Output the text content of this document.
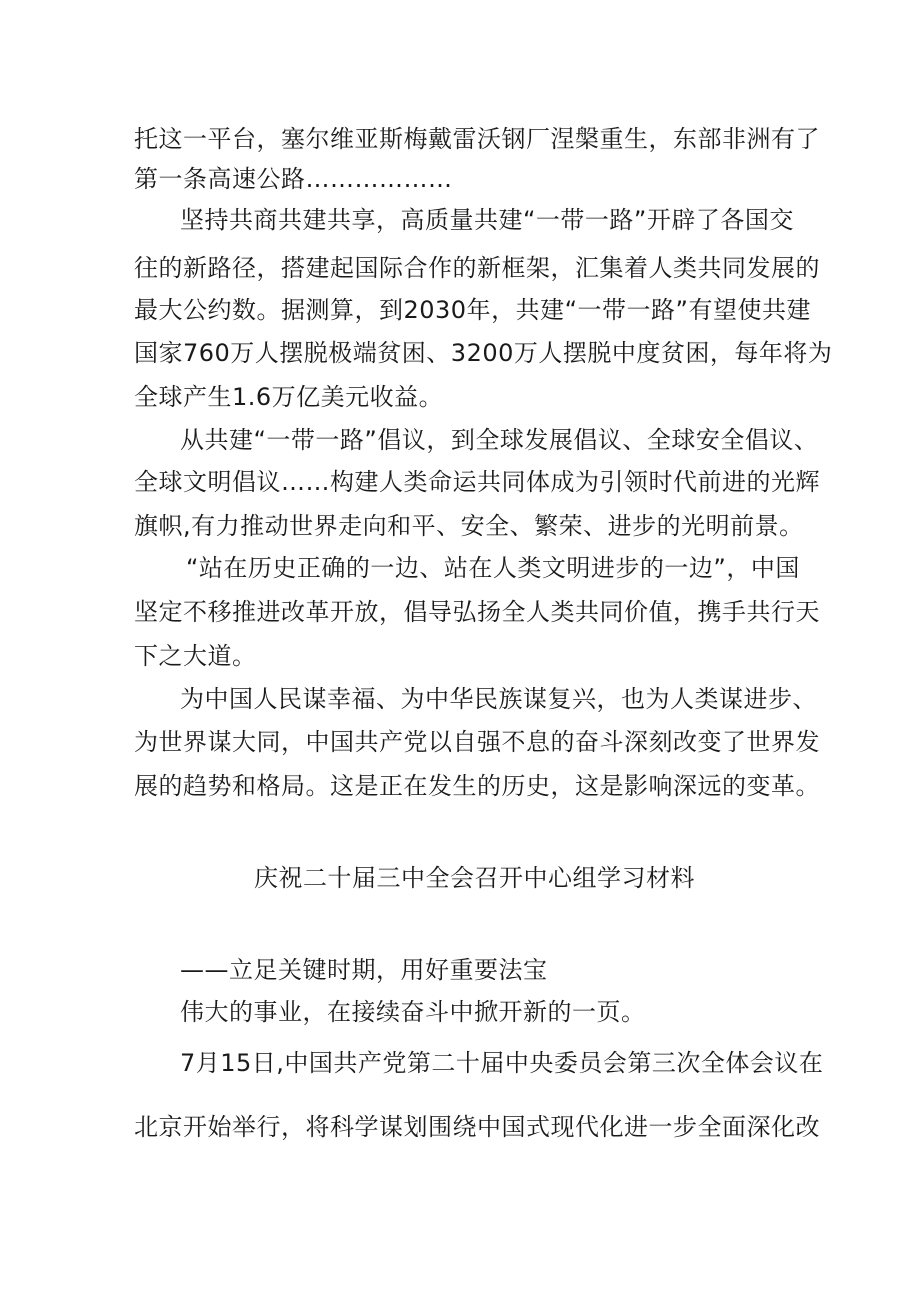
托这一平台，塞尔维亚斯梅戴雷沃钢厂涅槃重生，东部非洲有了

第一条高速公路………………

坚持共商共建共享，高质量共建“一带一路”开辟了各国交

往的新路径，搭建起国际合作的新框架，汇集着人类共同发展的

最大公约数。据测算，到2030年，共建“一带一路”有望使共建

国家760万人摆脱极端贫困、3200万人摆脱中度贫困，每年将为

全球产生1.6万亿美元收益。

从共建“一带一路”倡议，到全球发展倡议、全球安全倡议、

全球文明倡议……构建人类命运共同体成为引领时代前进的光辉

旗帜,有力推动世界走向和平、安全、繁荣、进步的光明前景。

“站在历史正确的一边、站在人类文明进步的一边”，中国

坚定不移推进改革开放，倡导弘扬全人类共同价值，携手共行天

下之大道。

为中国人民谋幸福、为中华民族谋复兴，也为人类谋进步、

为世界谋大同，中国共产党以自强不息的奋斗深刻改变了世界发

展的趋势和格局。这是正在发生的历史，这是影响深远的变革。

庆祝二十届三中全会召开中心组学习材料

——立足关键时期，用好重要法宝

伟大的事业，在接续奋斗中掀开新的一页。

7月15日,中国共产党第二十届中央委员会第三次全体会议在

北京开始举行，将科学谋划围绕中国式现代化进一步全面深化改
